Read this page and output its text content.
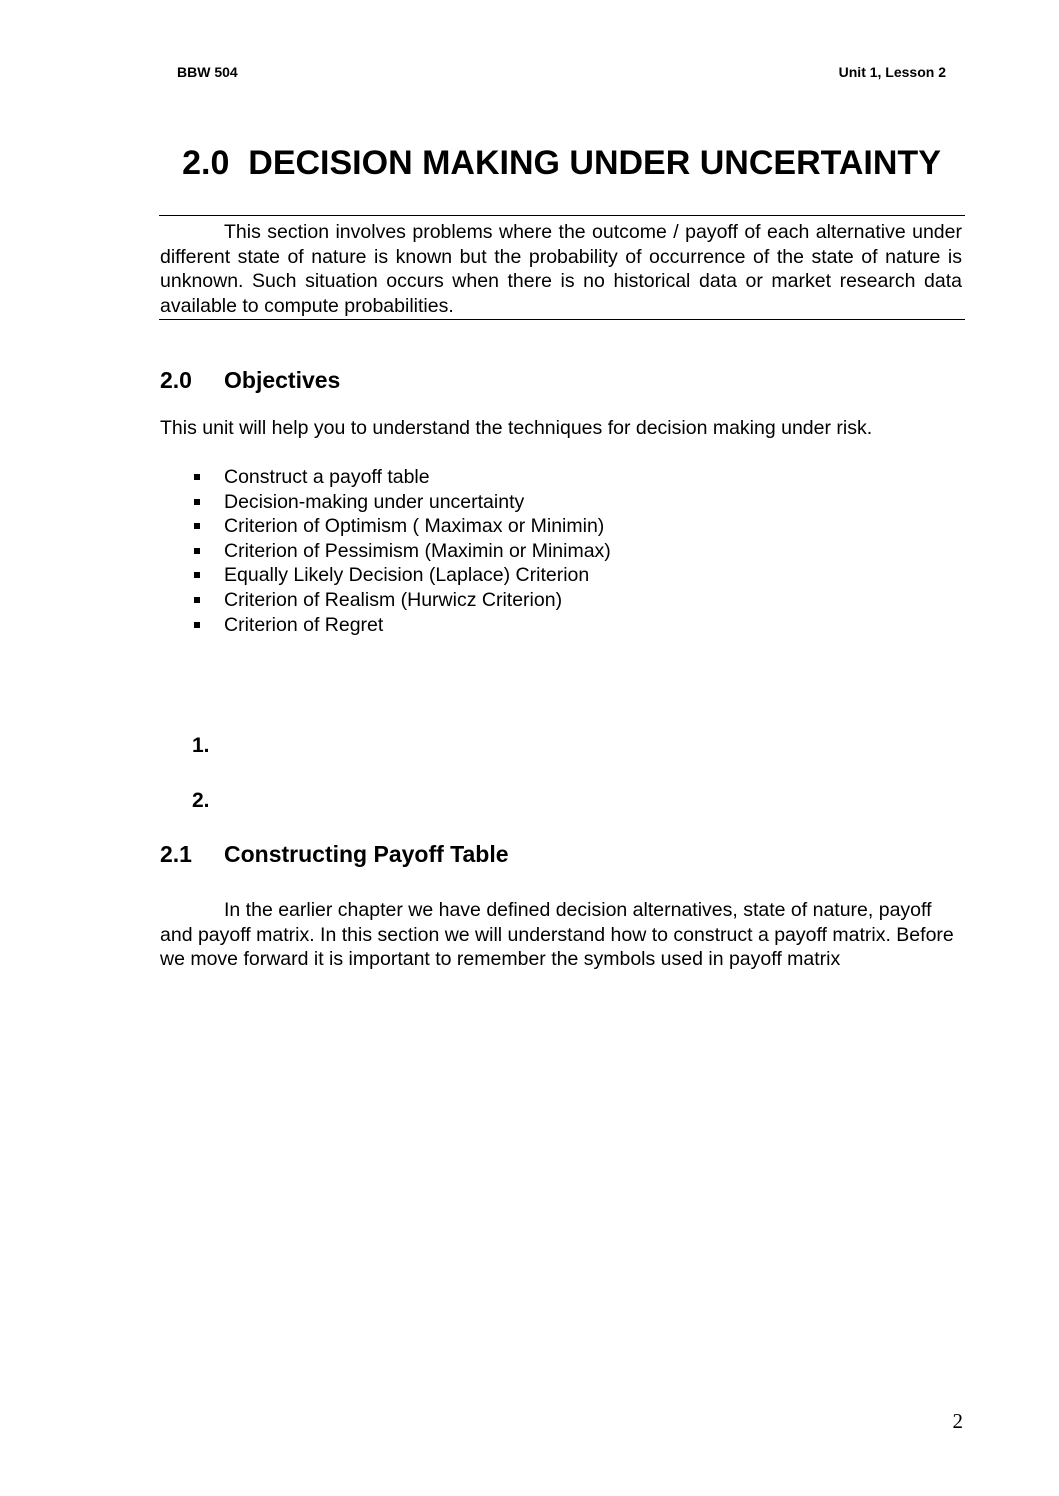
BBW 504	Unit 1, Lesson 2
2.0  DECISION MAKING UNDER UNCERTAINTY

This section involves problems where the outcome / payoff of each alternative under different state of nature is known but the probability of occurrence of the state of nature is unknown. Such situation occurs when there is no historical data or market research data available to compute probabilities.

2.0 Objectives

This unit will help you to understand the techniques for decision making under risk.

Construct a payoff table
Decision-making under uncertainty
Criterion of Optimism ( Maximax or Minimin)
Criterion of Pessimism (Maximin or Minimax)
Equally Likely Decision (Laplace) Criterion
Criterion of Realism (Hurwicz Criterion)
Criterion of Regret
1.
2.
2.1 Constructing Payoff Table

In the earlier chapter we have defined decision alternatives, state of nature, payoff and payoff matrix. In this section we will understand how to construct a payoff matrix. Before we move forward it is important to remember the symbols used in payoff matrix

2
